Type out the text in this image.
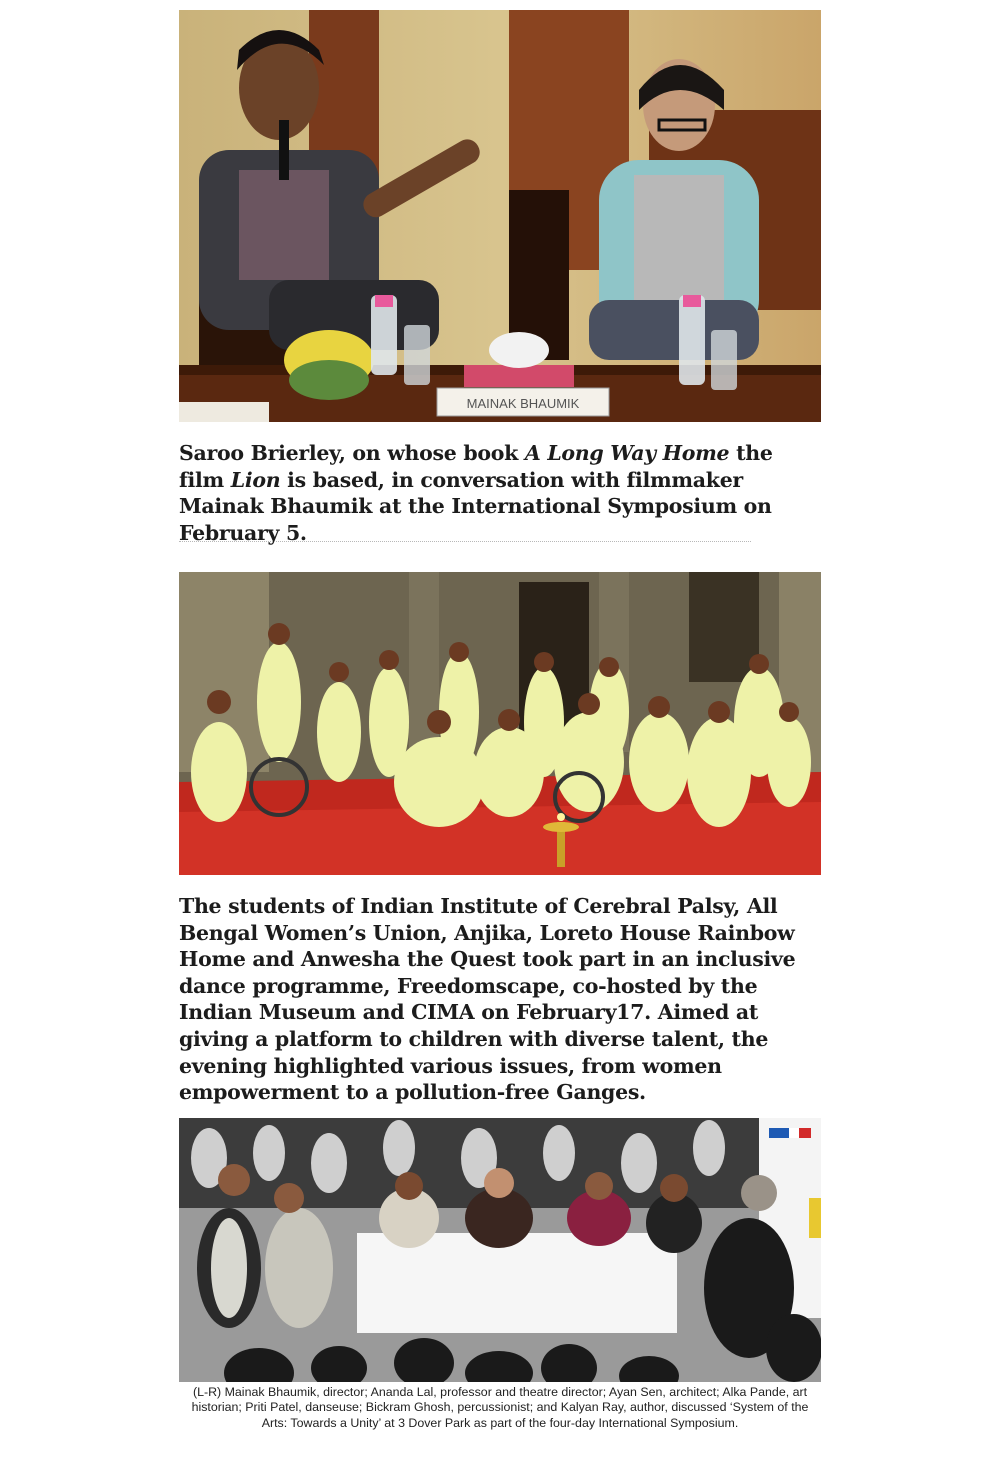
MAINAK BHAUMIK
Saroo Brierley, on whose book A Long Way Home the film Lion is based, in conversation with filmmaker Mainak Bhaumik at the International Symposium on February 5.
The students of Indian Institute of Cerebral Palsy, All Bengal Women’s Union, Anjika, Loreto House Rainbow Home and Anwesha the Quest took part in an inclusive dance programme, Freedomscape, co-hosted by the Indian Museum and CIMA on February17. Aimed at giving a platform to children with diverse talent, the evening highlighted various issues, from women empowerment to a pollution-free Ganges.
(L-R) Mainak Bhaumik, director; Ananda Lal, professor and theatre director; Ayan Sen, architect; Alka Pande, art historian; Priti Patel, danseuse; Bickram Ghosh, percussionist; and Kalyan Ray, author, discussed ‘System of the Arts: Towards a Unity’ at 3 Dover Park as part of the four-day International Symposium.
